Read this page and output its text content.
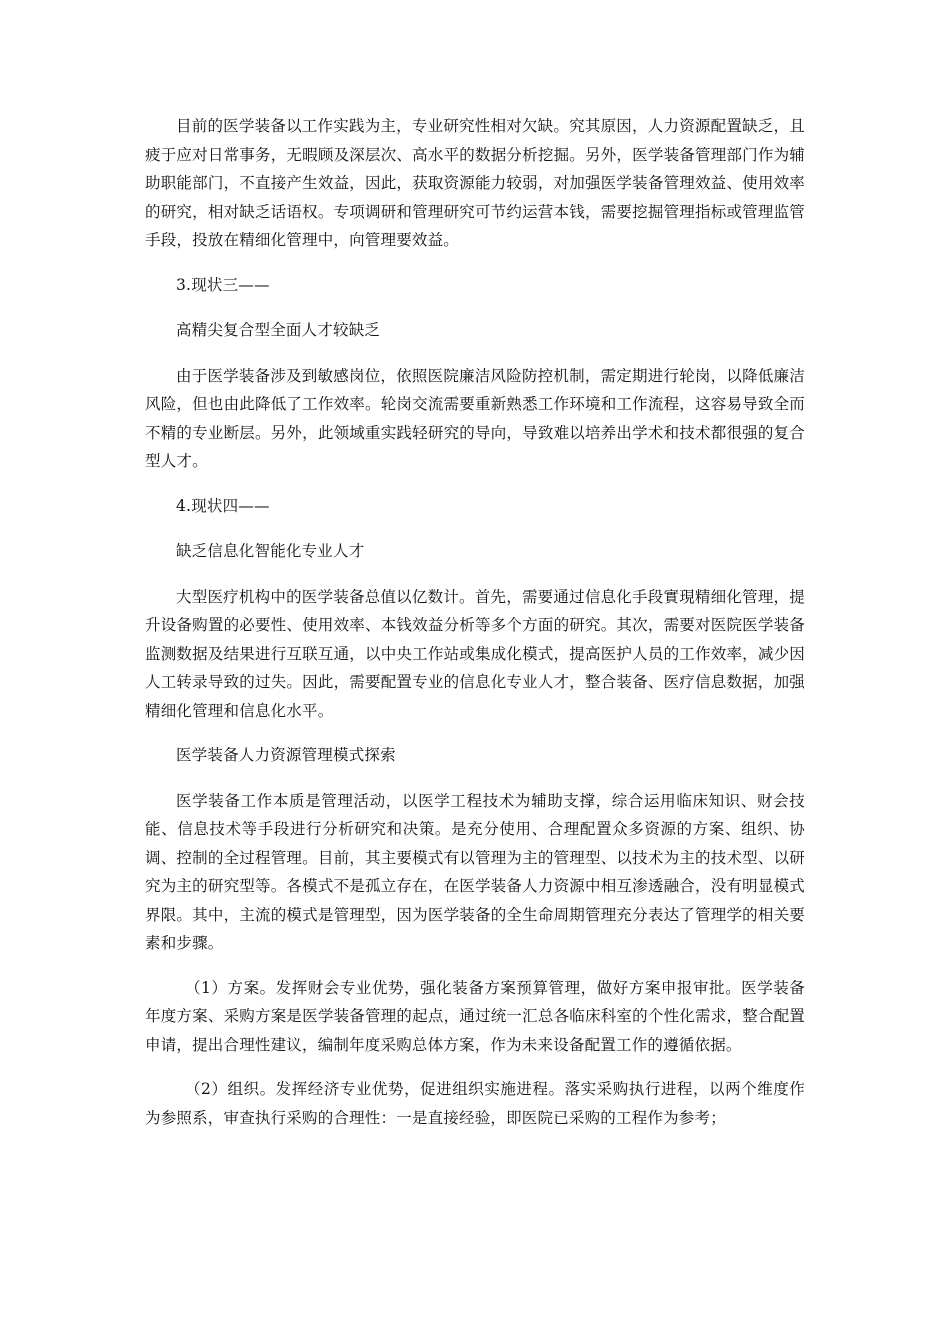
目前的医学装备以工作实践为主，专业研究性相对欠缺。究其原因，人力资源配置缺乏，且疲于应对日常事务，无暇顾及深层次、高水平的数据分析挖掘。另外，医学装备管理部门作为辅助职能部门，不直接产生效益，因此，获取资源能力较弱，对加强医学装备管理效益、使用效率的研究，相对缺乏话语权。专项调研和管理研究可节约运营本钱，需要挖掘管理指标或管理监管手段，投放在精细化管理中，向管理要效益。

3.现状三——

高精尖复合型全面人才较缺乏

由于医学装备涉及到敏感岗位，依照医院廉洁风险防控机制，需定期进行轮岗，以降低廉洁风险，但也由此降低了工作效率。轮岗交流需要重新熟悉工作环境和工作流程，这容易导致全而不精的专业断层。另外，此领域重实践轻研究的导向，导致难以培养出学术和技术都很强的复合型人才。

4.现状四——

缺乏信息化智能化专业人才

大型医疗机构中的医学装备总值以亿数计。首先，需要通过信息化手段實現精细化管理，提升设备购置的必要性、使用效率、本钱效益分析等多个方面的研究。其次，需要对医院医学装备监测数据及结果进行互联互通，以中央工作站或集成化模式，提高医护人员的工作效率，减少因人工转录导致的过失。因此，需要配置专业的信息化专业人才，整合装备、医疗信息数据，加强精细化管理和信息化水平。

医学装备人力资源管理模式探索

医学装备工作本质是管理活动，以医学工程技术为辅助支撑，综合运用临床知识、财会技能、信息技术等手段进行分析研究和决策。是充分使用、合理配置众多资源的方案、组织、协调、控制的全过程管理。目前，其主要模式有以管理为主的管理型、以技术为主的技术型、以研究为主的研究型等。各模式不是孤立存在，在医学装备人力资源中相互渗透融合，没有明显模式界限。其中，主流的模式是管理型，因为医学装备的全生命周期管理充分表达了管理学的相关要素和步骤。

（1）方案。发挥财会专业优势，强化装备方案预算管理，做好方案申报审批。医学装备年度方案、采购方案是医学装备管理的起点，通过统一汇总各临床科室的个性化需求，整合配置申请，提出合理性建议，编制年度采购总体方案，作为未来设备配置工作的遵循依据。

（2）组织。发挥经济专业优势，促进组织实施进程。落实采购执行进程，以两个维度作为参照系，审查执行采购的合理性：一是直接经验，即医院已采购的工程作为参考；
